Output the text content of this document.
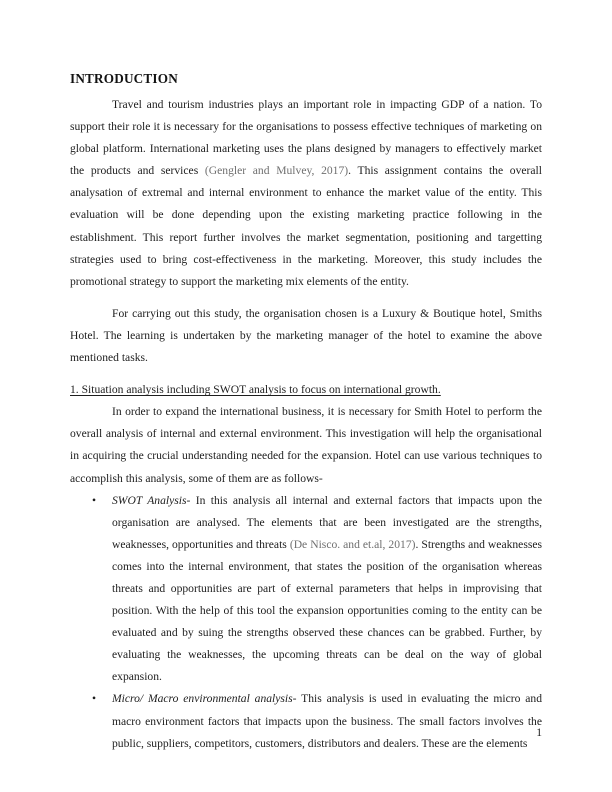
INTRODUCTION

Travel and tourism industries plays an important role in impacting GDP of a nation. To support their role it is necessary for the organisations to possess effective techniques of marketing on global platform. International marketing uses the plans designed by managers to effectively market the products and services (Gengler and Mulvey, 2017). This assignment contains the overall analysation of extremal and internal environment to enhance the market value of the entity. This evaluation will be done depending upon the existing marketing practice following in the establishment. This report further involves the market segmentation, positioning and targetting strategies used to bring cost-effectiveness in the marketing. Moreover, this study includes the promotional strategy to support the marketing mix elements of the entity.

For carrying out this study, the organisation chosen is a Luxury & Boutique hotel, Smiths Hotel. The learning is undertaken by the marketing manager of the hotel to examine the above mentioned tasks.

1. Situation analysis including SWOT analysis to focus on international growth.

In order to expand the international business, it is necessary for Smith Hotel to perform the overall analysis of internal and external environment. This investigation will help the organisational in acquiring the crucial understanding needed for the expansion. Hotel can use various techniques to accomplish this analysis, some of them are as follows-

• SWOT Analysis- In this analysis all internal and external factors that impacts upon the organisation are analysed. The elements that are been investigated are the strengths, weaknesses, opportunities and threats (De Nisco. and et.al, 2017). Strengths and weaknesses comes into the internal environment, that states the position of the organisation whereas threats and opportunities are part of external parameters that helps in improvising that position. With the help of this tool the expansion opportunities coming to the entity can be evaluated and by suing the strengths observed these chances can be grabbed. Further, by evaluating the weaknesses, the upcoming threats can be deal on the way of global expansion.
• Micro/ Macro environmental analysis- This analysis is used in evaluating the micro and macro environment factors that impacts upon the business. The small factors involves the public, suppliers, competitors, customers, distributors and dealers. These are the elements
1
